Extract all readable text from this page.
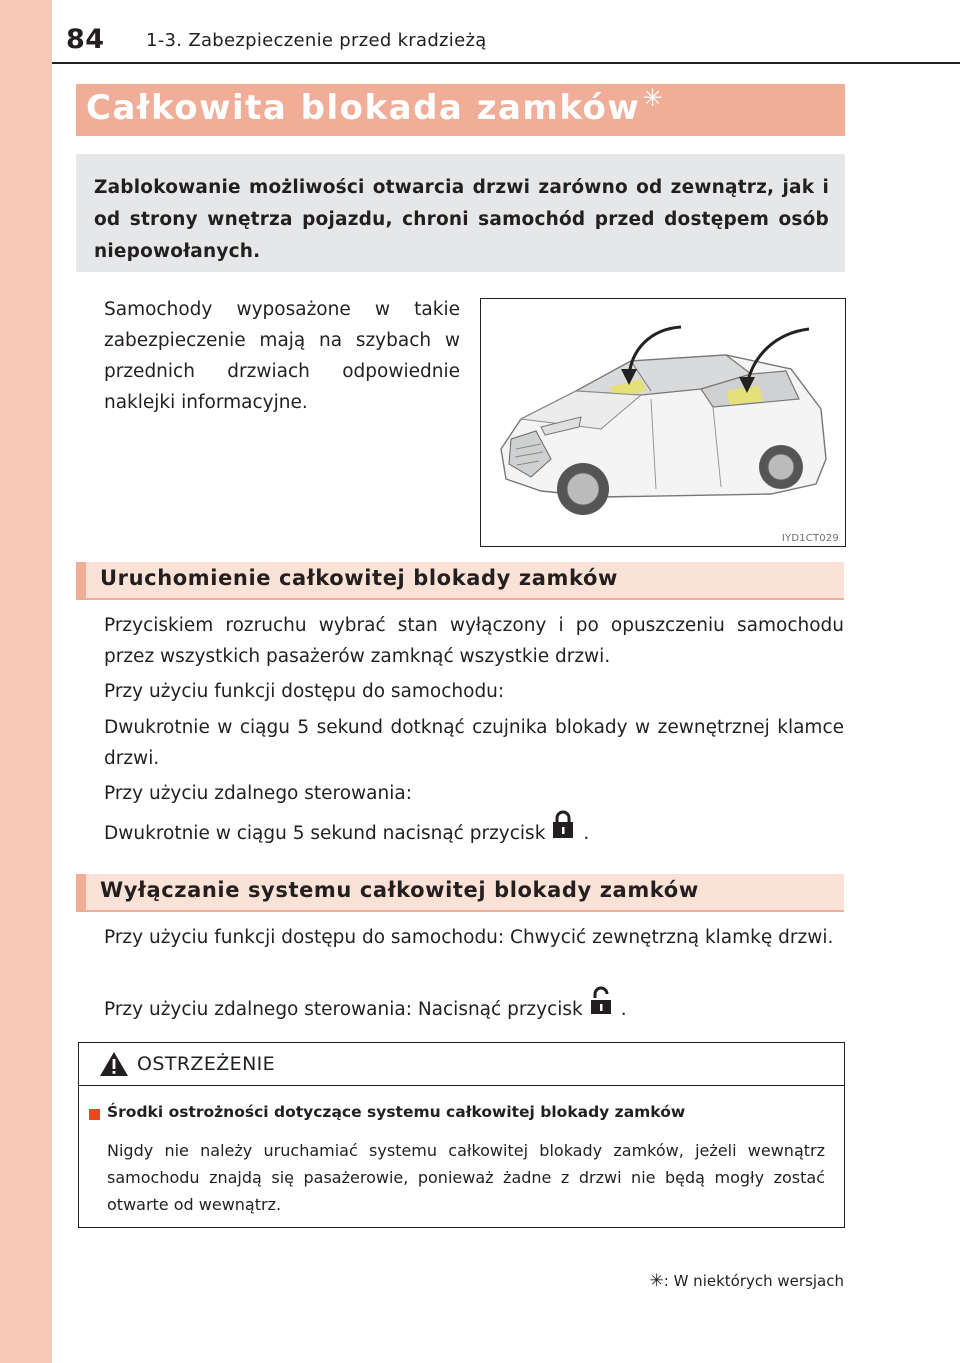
84 1-3. Zabezpieczenie przed kradzieżą
Całkowita blokada zamków✳
Zablokowanie możliwości otwarcia drzwi zarówno od zewnątrz, jak i od strony wnętrza pojazdu, chroni samochód przed dostępem osób niepowołanych.
Samochody wyposażone w takie zabezpieczenie mają na szybach w przednich drzwiach odpowiednie naklejki informacyjne.
IYD1CT029
Uruchomienie całkowitej blokady zamków
Przyciskiem rozruchu wybrać stan wyłączony i po opuszczeniu samochodu przez wszystkich pasażerów zamknąć wszystkie drzwi.
Przy użyciu funkcji dostępu do samochodu:
Dwukrotnie w ciągu 5 sekund dotknąć czujnika blokady w zewnętrznej klamce drzwi.
Przy użyciu zdalnego sterowania:
Dwukrotnie w ciągu 5 sekund nacisnąć przycisk .
Wyłączanie systemu całkowitej blokady zamków
Przy użyciu funkcji dostępu do samochodu: Chwycić zewnętrzną klamkę drzwi.
Przy użyciu zdalnego sterowania: Nacisnąć przycisk .
OSTRZEŻENIE
Środki ostrożności dotyczące systemu całkowitej blokady zamków
Nigdy nie należy uruchamiać systemu całkowitej blokady zamków, jeżeli wewnątrz samochodu znajdą się pasażerowie, ponieważ żadne z drzwi nie będą mogły zostać otwarte od wewnątrz.
✳: W niektórych wersjach
